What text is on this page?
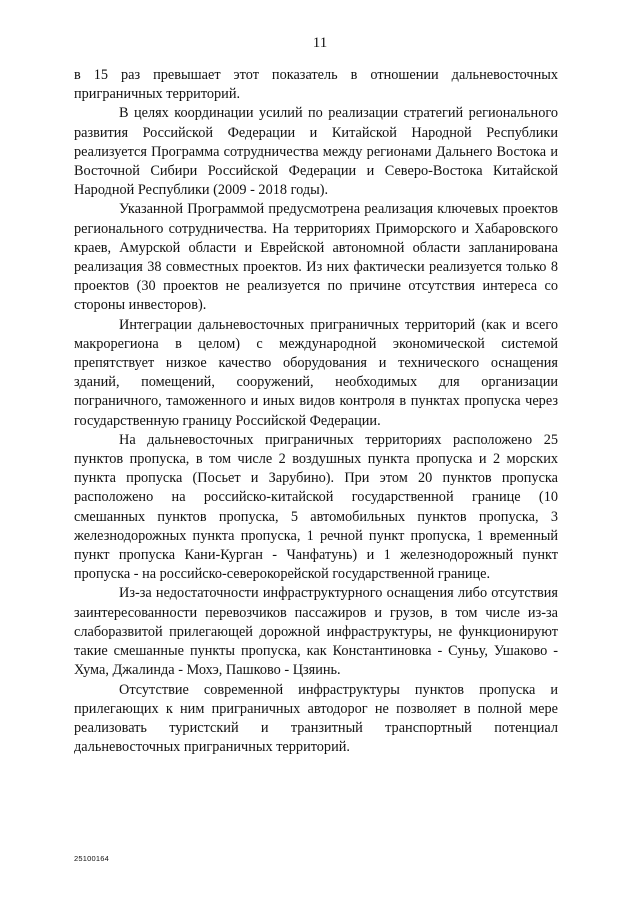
11

в 15 раз превышает этот показатель в отношении дальневосточных приграничных территорий.

В целях координации усилий по реализации стратегий регионального развития Российской Федерации и Китайской Народной Республики реализуется Программа сотрудничества между регионами Дальнего Востока и Восточной Сибири Российской Федерации и Северо-Востока Китайской Народной Республики (2009 - 2018 годы).

Указанной Программой предусмотрена реализация ключевых проектов регионального сотрудничества. На территориях Приморского и Хабаровского краев, Амурской области и Еврейской автономной области запланирована реализация 38 совместных проектов. Из них фактически реализуется только 8 проектов (30 проектов не реализуется по причине отсутствия интереса со стороны инвесторов).

Интеграции дальневосточных приграничных территорий (как и всего макрорегиона в целом) с международной экономической системой препятствует низкое качество оборудования и технического оснащения зданий, помещений, сооружений, необходимых для организации пограничного, таможенного и иных видов контроля в пунктах пропуска через государственную границу Российской Федерации.

На дальневосточных приграничных территориях расположено 25 пунктов пропуска, в том числе 2 воздушных пункта пропуска и 2 морских пункта пропуска (Посьет и Зарубино). При этом 20 пунктов пропуска расположено на российско-китайской государственной границе (10 смешанных пунктов пропуска, 5 автомобильных пунктов пропуска, 3 железнодорожных пункта пропуска, 1 речной пункт пропуска, 1 временный пункт пропуска Кани-Курган - Чанфатунь) и 1 железнодорожный пункт пропуска - на российско-северокорейской государственной границе.

Из-за недостаточности инфраструктурного оснащения либо отсутствия заинтересованности перевозчиков пассажиров и грузов, в том числе из-за слаборазвитой прилегающей дорожной инфраструктуры, не функционируют такие смешанные пункты пропуска, как Константиновка - Суньу, Ушаково - Хума, Джалинда - Мохэ, Пашково - Цзяинь.

Отсутствие современной инфраструктуры пунктов пропуска и прилегающих к ним приграничных автодорог не позволяет в полной мере реализовать туристский и транзитный транспортный потенциал дальневосточных приграничных территорий.

25100164
